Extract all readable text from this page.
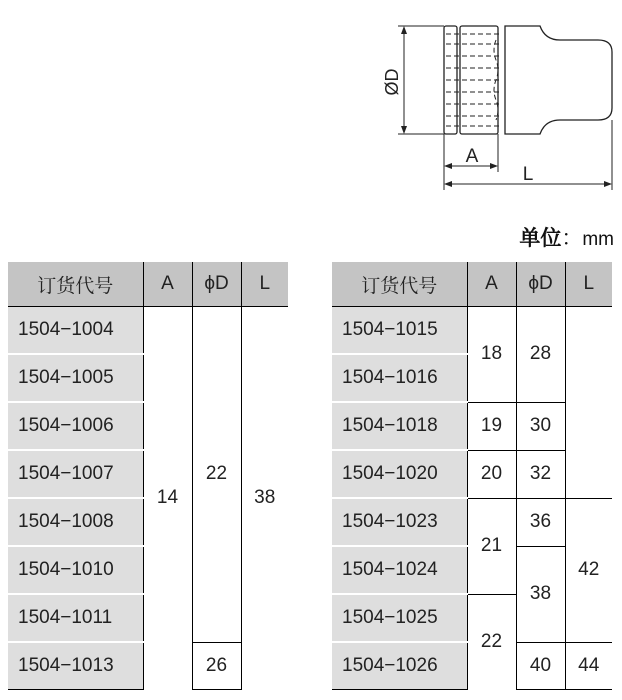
ØD
A
L
单位：mm
订货代号	A	ϕD	L
1504−1004	14	22	38
1504−1005			
1504−1006			
1504−1007			
1504−1008			
1504−1010			
1504−1011			
1504−1013		26	
订货代号	A	ϕD	L
1504−1015	18	28	
1504−1016			
1504−1018	19	30	
1504−1020	20	32	
1504−1023	21	36	42
1504−1024		38	
1504−1025	22		
1504−1026		40	44
